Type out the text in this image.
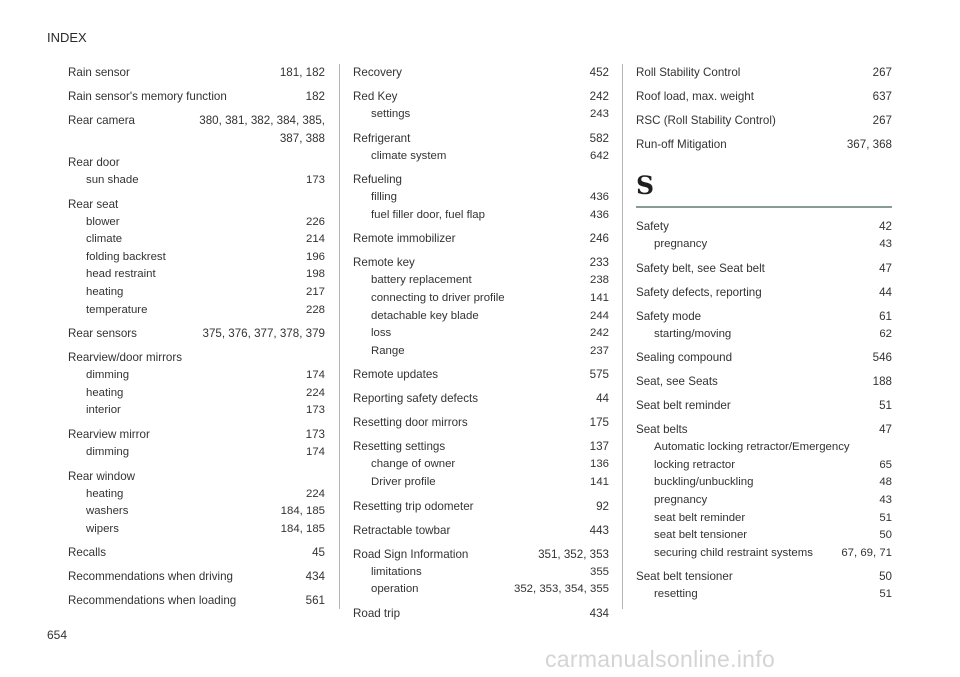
INDEX
Rain sensor	181, 182
Rain sensor's memory function	182
Rear camera	380, 381, 382, 384, 385,
387, 388
Rear door
sun shade	173
Rear seat
blower	226
climate	214
folding backrest	196
head restraint	198
heating	217
temperature	228
Rear sensors	375, 376, 377, 378, 379
Rearview/door mirrors
dimming	174
heating	224
interior	173
Rearview mirror	173
dimming	174
Rear window
heating	224
washers	184, 185
wipers	184, 185
Recalls	45
Recommendations when driving	434
Recommendations when loading	561
Recovery	452
Red Key	242
settings	243
Refrigerant	582
climate system	642
Refueling
filling	436
fuel filler door, fuel flap	436
Remote immobilizer	246
Remote key	233
battery replacement	238
connecting to driver profile	141
detachable key blade	244
loss	242
Range	237
Remote updates	575
Reporting safety defects	44
Resetting door mirrors	175
Resetting settings	137
change of owner	136
Driver profile	141
Resetting trip odometer	92
Retractable towbar	443
Road Sign Information	351, 352, 353
limitations	355
operation	352, 353, 354, 355
Road trip	434
Roll Stability Control	267
Roof load, max. weight	637
RSC (Roll Stability Control)	267
Run-off Mitigation	367, 368
S
Safety	42
pregnancy	43
Safety belt, see Seat belt	47
Safety defects, reporting	44
Safety mode	61
starting/moving	62
Sealing compound	546
Seat, see Seats	188
Seat belt reminder	51
Seat belts	47
Automatic locking retractor/Emergency
locking retractor	65
buckling/unbuckling	48
pregnancy	43
seat belt reminder	51
seat belt tensioner	50
securing child restraint systems	67, 69, 71
Seat belt tensioner	50
resetting	51
654
carmanualsonline.info
